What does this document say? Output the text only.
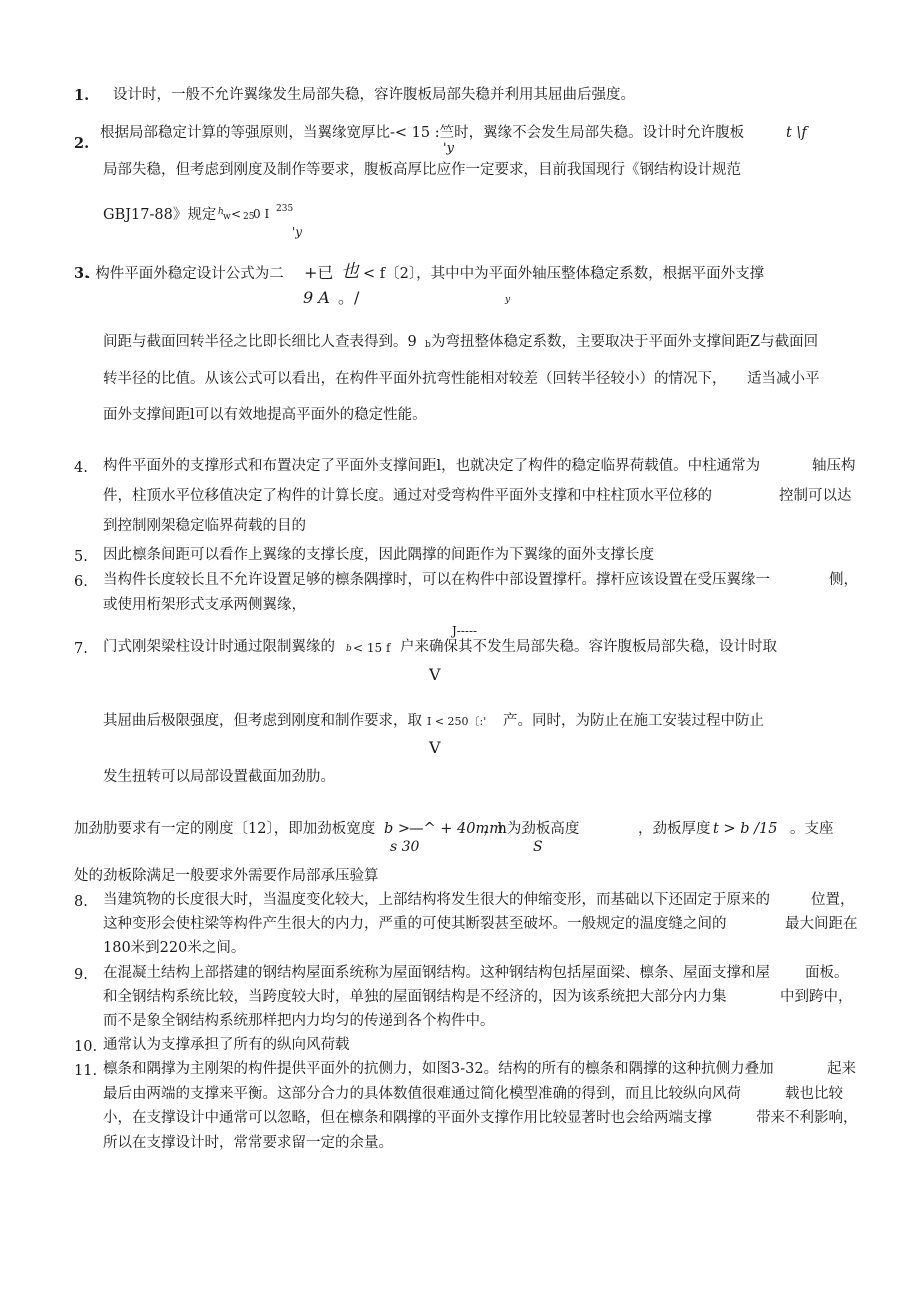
1. 设计时，一般不允许翼缘发生局部失稳，容许腹板局部失稳并利用其屈曲后强度。
2.
根据局部稳定计算的等强原则，当翼缘宽厚比-< 15 :竺时，翼缘不会发生局部失稳。设计时允许腹板	t \f
'y
局部失稳，但考虑到刚度及制作等要求，腹板高厚比应作一定要求，目前我国现行《钢结构设计规范
GBJ17-88》规定 h w < 25
0 I 235
'y
3.
. 构件平面外稳定设计公式为二 +已 也 < f〔2〕，其中中为平面外轴压整体稳定系数，根据平面外支撑
9 A 。/	y
间距与截面回转半径之比即长细比人查表得到。9 b 为弯扭整体稳定系数，主要取决于平面外支撑间距Z与截面回
转半径的比值。从该公式可以看出，在构件平面外抗弯性能相对较差（回转半径较小）的情况下， 适当减小平
面外支撑间距l可以有效地提高平面外的稳定性能。
4. 构件平面外的支撑形式和布置决定了平面外支撑间距l，也就决定了构件的稳定临界荷载值。中柱通常为	轴压构
件，柱顶水平位移值决定了构件的计算长度。通过对受弯构件平面外支撑和中柱柱顶水平位移的	控制可以达
到控制刚架稳定临界荷载的目的
5. 因此檩条间距可以看作上翼缘的支撑长度，因此隅撑的间距作为下翼缘的面外支撑长度
6. 当构件长度较长且不允许设置足够的檩条隅撑时，可以在构件中部设置撑杆。撑杆应该设置在受压翼缘一	侧，
或使用桁架形式支承两侧翼缘，
J-----
7. 门式刚架梁柱设计时通过限制翼缘的 b < 15 f 户来确保其不发生局部失稳。容许腹板局部失稳，设计时取
V
其屈曲后极限强度，但考虑到刚度和制作要求，取 I < 250〔:' 产。同时，为防止在施工安装过程中防止
V
发生扭转可以局部设置截面加劲肋。
加劲肋要求有一定的刚度〔12〕，即加劲板宽度 b >
—^ + 40mm
，h为劲板高度	，劲板厚度 t > b /15 。支座
s 30	S
处的劲板除满足一般要求外需要作局部承压验算
8. 当建筑物的长度很大时，当温度变化较大，上部结构将发生很大的伸缩变形，而基础以下还固定于原来的	位置，
这种变形会使柱梁等构件产生很大的内力，严重的可使其断裂甚至破坏。一般规定的温度缝之间的	最大间距在
180米到220米之间。
9. 在混凝土结构上部搭建的钢结构屋面系统称为屋面钢结构。这种钢结构包括屋面梁、檩条、屋面支撑和屋 面板。
和全钢结构系统比较，当跨度较大时，单独的屋面钢结构是不经济的，因为该系统把大部分内力集	中到跨中，
而不是象全钢结构系统那样把内力均匀的传递到各个构件中。
10. 通常认为支撑承担了所有的纵向风荷载
11. 檩条和隅撑为主刚架的构件提供平面外的抗侧力，如图3-32。结构的所有的檩条和隅撑的这种抗侧力叠加	起来
最后由两端的支撑来平衡。这部分合力的具体数值很难通过简化模型准确的得到，而且比较纵向风荷	载也比较
小，在支撑设计中通常可以忽略，但在檩条和隅撑的平面外支撑作用比较显著时也会给两端支撑	带来不利影响，
所以在支撑设计时，常常要求留一定的余量。
